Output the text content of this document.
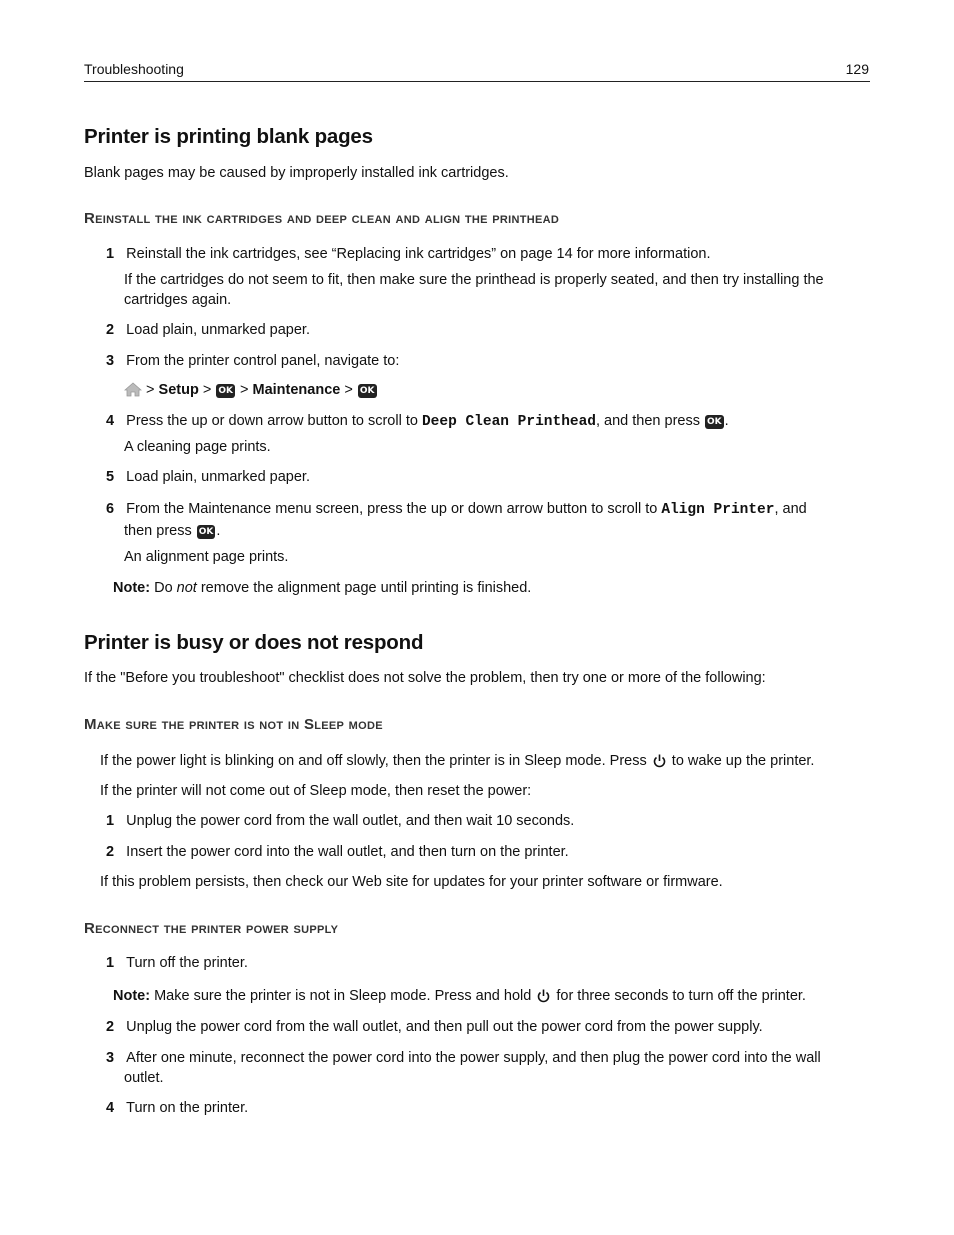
Troubleshooting	129
Printer is printing blank pages
Blank pages may be caused by improperly installed ink cartridges.
Reinstall the ink cartridges and deep clean and align the printhead
1 Reinstall the ink cartridges, see “Replacing ink cartridges” on page 14 for more information.
If the cartridges do not seem to fit, then make sure the printhead is properly seated, and then try installing the
cartridges again.
2 Load plain, unmarked paper.
3 From the printer control panel, navigate to:
> Setup > OK > Maintenance > OK
4 Press the up or down arrow button to scroll to Deep Clean Printhead, and then press OK .
A cleaning page prints.
5 Load plain, unmarked paper.
6 From the Maintenance menu screen, press the up or down arrow button to scroll to Align Printer, and
then press OK .
An alignment page prints.
Note: Do not remove the alignment page until printing is finished.
Printer is busy or does not respond
If the "Before you troubleshoot" checklist does not solve the problem, then try one or more of the following:
Make sure the printer is not in Sleep mode
If the power light is blinking on and off slowly, then the printer is in Sleep mode. Press  to wake up the printer.
If the printer will not come out of Sleep mode, then reset the power:
1 Unplug the power cord from the wall outlet, and then wait 10 seconds.
2 Insert the power cord into the wall outlet, and then turn on the printer.
If this problem persists, then check our Web site for updates for your printer software or firmware.
Reconnect the printer power supply
1 Turn off the printer.
Note: Make sure the printer is not in Sleep mode. Press and hold  for three seconds to turn off the printer.
2 Unplug the power cord from the wall outlet, and then pull out the power cord from the power supply.
3 After one minute, reconnect the power cord into the power supply, and then plug the power cord into the wall
outlet.
4 Turn on the printer.
